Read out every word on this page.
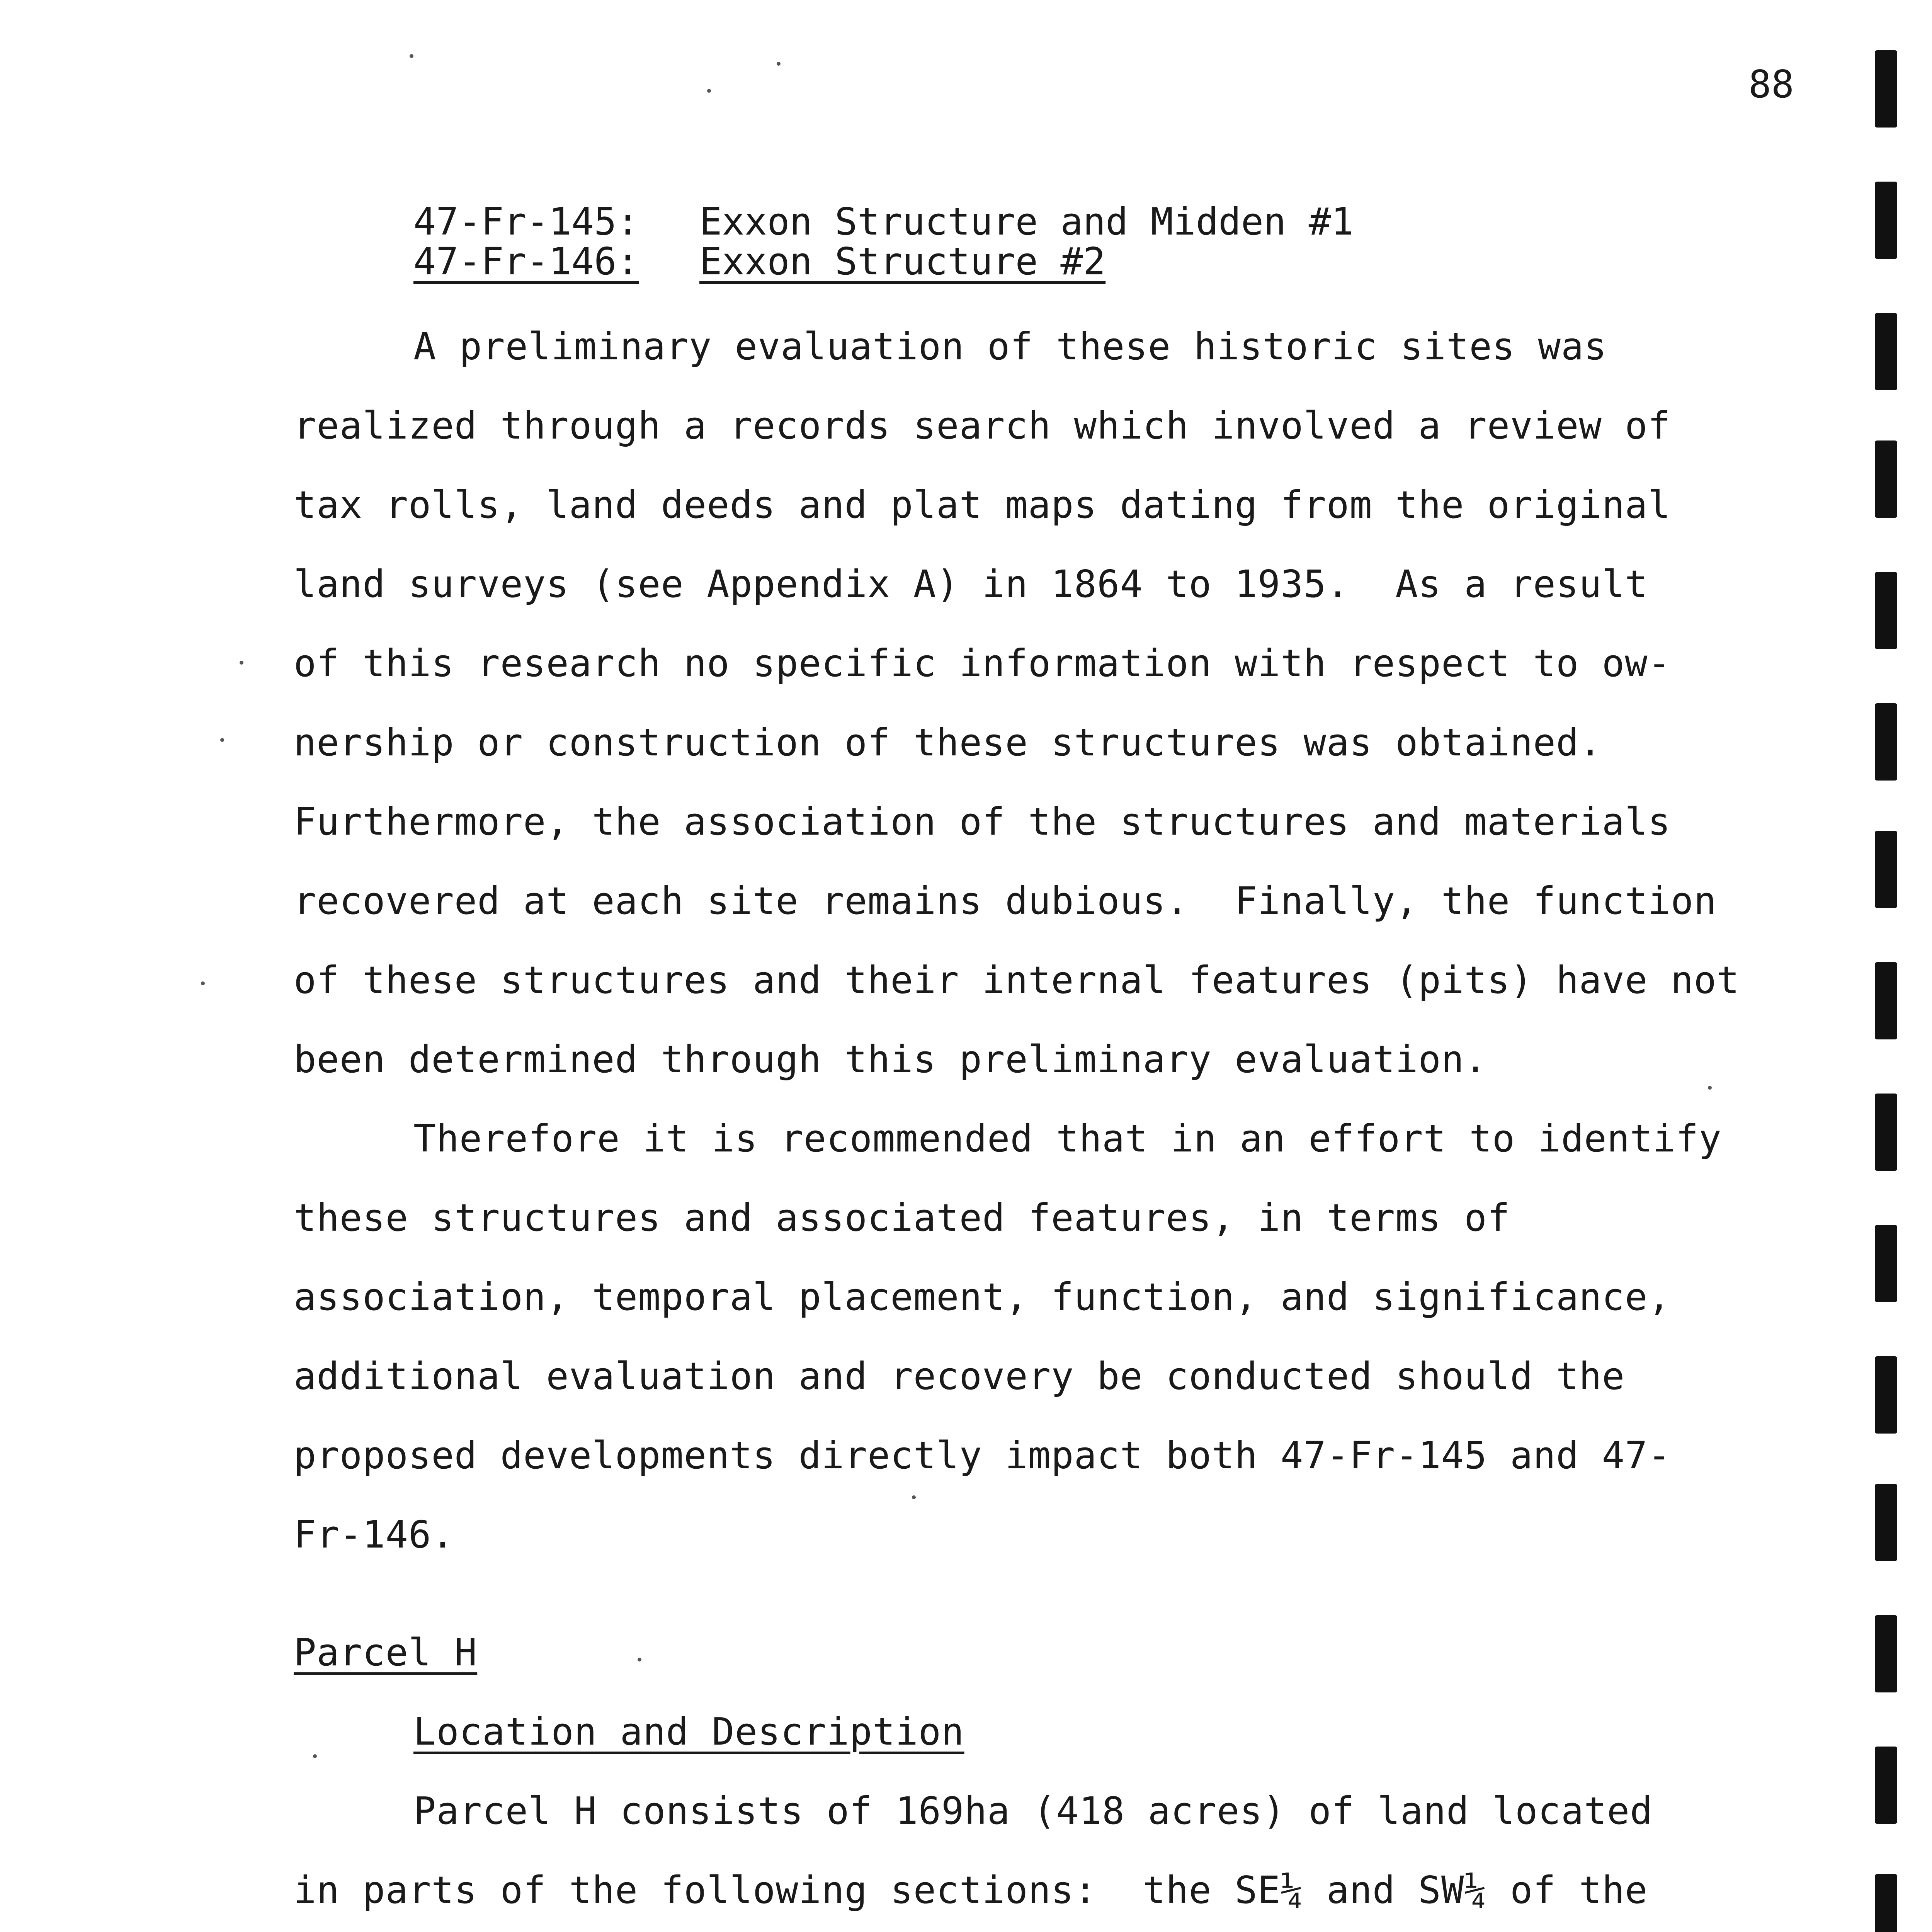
88
47-Fr-145: Exxon Structure and Midden #1
47-Fr-146: Exxon Structure #2
A preliminary evaluation of these historic sites was
realized through a records search which involved a review of
tax rolls, land deeds and plat maps dating from the original
land surveys (see Appendix A) in 1864 to 1935.  As a result
of this research no specific information with respect to ow-
nership or construction of these structures was obtained.
Furthermore, the association of the structures and materials
recovered at each site remains dubious.  Finally, the function
of these structures and their internal features (pits) have not
been determined through this preliminary evaluation.
Therefore it is recommended that in an effort to identify
these structures and associated features, in terms of
association, temporal placement, function, and significance,
additional evaluation and recovery be conducted should the
proposed developments directly impact both 47-Fr-145 and 47-
Fr-146.
Parcel H
Location and Description
Parcel H consists of 169ha (418 acres) of land located
in parts of the following sections:  the SE¼ and SW¼ of the
